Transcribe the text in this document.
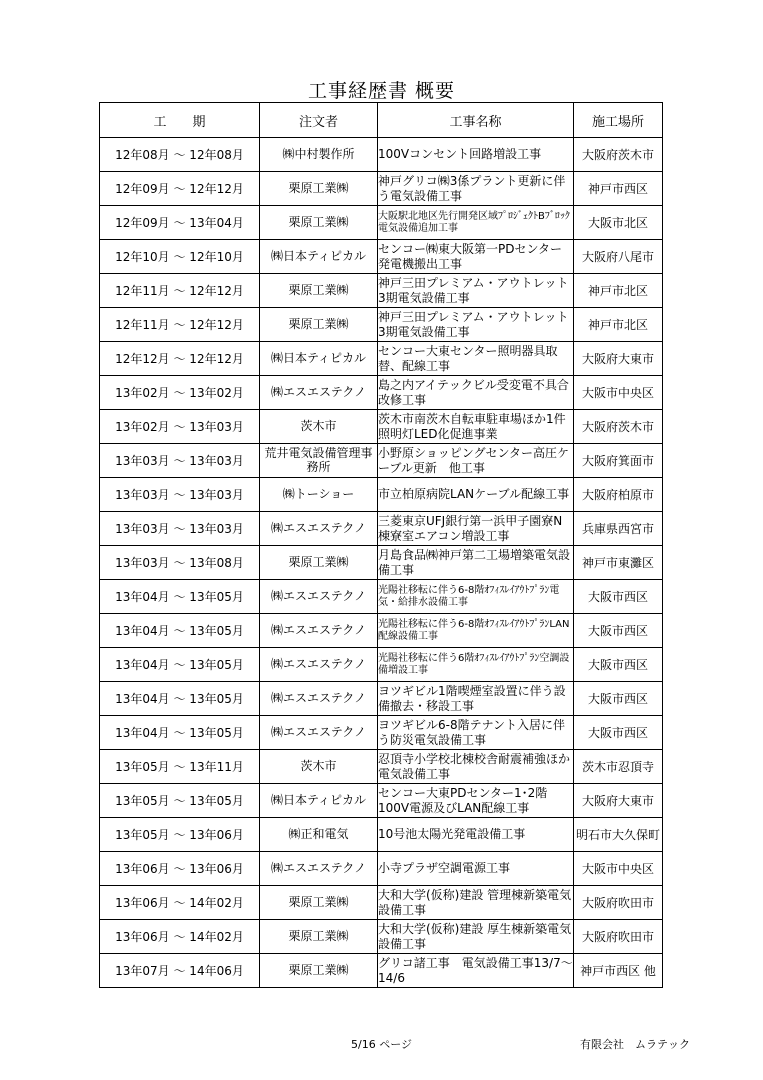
工事経歴書 概要
工　　期	注文者	工事名称	施工場所
12年08月 ～ 12年08月	㈱中村製作所	100Vコンセント回路増設工事	大阪府茨木市
12年09月 ～ 12年12月	栗原工業㈱	神戸グリコ㈱3係プラント更新に伴う電気設備工事	神戸市西区
12年09月 ～ 13年04月	栗原工業㈱	大阪駅北地区先行開発区域ﾌﾟﾛｼﾞｪｸﾄBﾌﾞﾛｯｸ電気設備追加工事	大阪市北区
12年10月 ～ 12年10月	㈱日本ティピカル	センコー㈱東大阪第一PDセンター発電機搬出工事	大阪府八尾市
12年11月 ～ 12年12月	栗原工業㈱	神戸三田プレミアム・アウトレット3期電気設備工事	神戸市北区
12年11月 ～ 12年12月	栗原工業㈱	神戸三田プレミアム・アウトレット3期電気設備工事	神戸市北区
12年12月 ～ 12年12月	㈱日本ティピカル	センコー大東センター照明器具取替、配線工事	大阪府大東市
13年02月 ～ 13年02月	㈱エスエステクノ	島之内アイテックビル受変電不具合改修工事	大阪市中央区
13年02月 ～ 13年03月	茨木市	茨木市南茨木自転車駐車場ほか1件照明灯LED化促進事業	大阪府茨木市
13年03月 ～ 13年03月	荒井電気設備管理事務所	小野原ショッピングセンター高圧ケーブル更新　他工事	大阪府箕面市
13年03月 ～ 13年03月	㈱トーショー	市立柏原病院LANケーブル配線工事	大阪府柏原市
13年03月 ～ 13年03月	㈱エスエステクノ	三菱東京UFJ銀行第一浜甲子園寮N棟寮室エアコン増設工事	兵庫県西宮市
13年03月 ～ 13年08月	栗原工業㈱	月島食品㈱神戸第二工場増築電気設備工事	神戸市東灘区
13年04月 ～ 13年05月	㈱エスエステクノ	光陽社移転に伴う6-8階ｵﾌｨｽﾚｲｱｳﾄﾌﾟﾗﾝ電気・給排水設備工事	大阪市西区
13年04月 ～ 13年05月	㈱エスエステクノ	光陽社移転に伴う6-8階ｵﾌｨｽﾚｲｱｳﾄﾌﾟﾗﾝLAN配線設備工事	大阪市西区
13年04月 ～ 13年05月	㈱エスエステクノ	光陽社移転に伴う6階ｵﾌｨｽﾚｲｱｳﾄﾌﾟﾗﾝ空調設備増設工事	大阪市西区
13年04月 ～ 13年05月	㈱エスエステクノ	ヨツギビル1階喫煙室設置に伴う設備撤去・移設工事	大阪市西区
13年04月 ～ 13年05月	㈱エスエステクノ	ヨツギビル6-8階テナント入居に伴う防災電気設備工事	大阪市西区
13年05月 ～ 13年11月	茨木市	忍頂寺小学校北棟校舎耐震補強ほか電気設備工事	茨木市忍頂寺
13年05月 ～ 13年05月	㈱日本ティピカル	センコー大東PDセンター1･2階100V電源及びLAN配線工事	大阪府大東市
13年05月 ～ 13年06月	㈱正和電気	10号池太陽光発電設備工事	明石市大久保町
13年06月 ～ 13年06月	㈱エスエステクノ	小寺プラザ空調電源工事	大阪市中央区
13年06月 ～ 14年02月	栗原工業㈱	大和大学(仮称)建設 管理棟新築電気設備工事	大阪府吹田市
13年06月 ～ 14年02月	栗原工業㈱	大和大学(仮称)建設 厚生棟新築電気設備工事	大阪府吹田市
13年07月 ～ 14年06月	栗原工業㈱	グリコ諸工事　電気設備工事13/7～14/6	神戸市西区 他
5/16 ページ	有限会社　ムラテック
